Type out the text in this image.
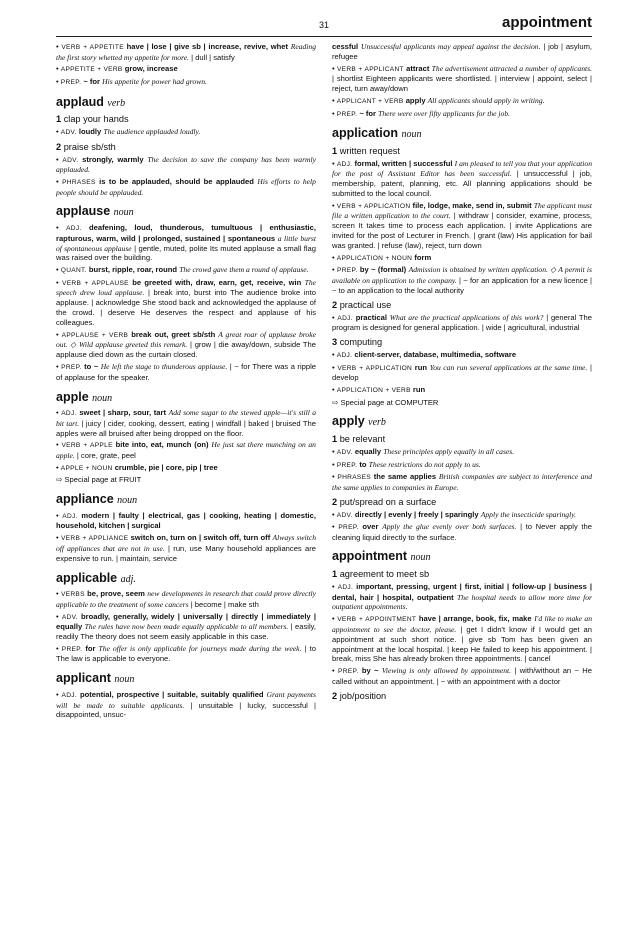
31	appointment
• VERB + APPETITE have | lose | give sb | increase, revive, whet Reading the first story whetted my appetite for more. | dull | satisfy
• APPETITE + VERB grow, increase
• PREP. ~ for His appetite for power had grown.
applaud verb
1 clap your hands
• ADV. loudly The audience applauded loudly.
2 praise sb/sth
• ADV. strongly, warmly The decision to save the company has been warmly applauded.
• PHRASES is to be applauded, should be applauded His efforts to help people should be applauded.
applause noun
• ADJ. deafening, loud, thunderous, tumultuous | enthusiastic, rapturous, warm, wild | prolonged, sustained | spontaneous a little burst of spontaneous applause | gentle, muted, polite Its muted applause a small flag was raised over the building.
• QUANT. burst, ripple, roar, round The crowd gave them a round of applause.
• VERB + APPLAUSE be greeted with, draw, earn, get, receive, win The speech drew loud applause. | break into, burst into The audience broke into applause. | acknowledge She stood back and acknowledged the applause of the crowd. | deserve He deserves the respect and applause of his colleagues.
• APPLAUSE + VERB break out, greet sb/sth A great roar of applause broke out. ◇ Wild applause greeted this remark. | grow | die away/down, subside The applause died down as the curtain closed.
• PREP. to ~ He left the stage to thunderous applause. | ~ for There was a ripple of applause for the speaker.
apple noun
• ADJ. sweet | sharp, sour, tart Add some sugar to the stewed apple—it's still a bit tart. | juicy | cider, cooking, dessert, eating | windfall | baked | bruised The apples were all bruised after being dropped on the floor.
• VERB + APPLE bite into, eat, munch (on) He just sat there munching on an apple. | core, grate, peel
• APPLE + NOUN crumble, pie | core, pip | tree
⇨ Special page at FRUIT
appliance noun
• ADJ. modern | faulty | electrical, gas | cooking, heating | domestic, household, kitchen | surgical
• VERB + APPLIANCE switch on, turn on | switch off, turn off Always switch off appliances that are not in use. | run, use Many household appliances are expensive to run. | maintain, service
applicable adj.
• VERBS be, prove, seem new developments in research that could prove directly applicable to the treatment of some cancers | become | make sth
• ADV. broadly, generally, widely | universally | directly | immediately | equally The rules have now been made equally applicable to all members. | easily, readily The theory does not seem easily applicable in this case.
• PREP. for The offer is only applicable for journeys made during the week. | to The law is applicable to everyone.
applicant noun
• ADJ. potential, prospective | suitable, suitably qualified Grant payments will be made to suitable applicants. | unsuitable | lucky, successful | disappointed, unsuc-
cessful Unsuccessful applicants may appeal against the decision. | job | asylum, refugee
• VERB + APPLICANT attract The advertisement attracted a number of applicants. | shortlist Eighteen applicants were shortlisted. | interview | appoint, select | reject, turn away/down
• APPLICANT + VERB apply All applicants should apply in writing.
• PREP. ~ for There were over fifty applicants for the job.
application noun
1 written request
• ADJ. formal, written | successful I am pleased to tell you that your application for the post of Assistant Editor has been successful. | unsuccessful | job, membership, patent, planning, etc. All planning applications should be submitted to the local council.
• VERB + APPLICATION file, lodge, make, send in, submit The applicant must file a written application to the court. | withdraw | consider, examine, process, screen It takes time to process each application. | invite Applications are invited for the post of Lecturer in French. | grant (law) His application for bail was granted. | refuse (law), reject, turn down
• APPLICATION + NOUN form
• PREP. by ~ (formal) Admission is obtained by written application. ◇ A permit is available on application to the company. | ~ for an application for a new licence | ~ to an application to the local authority
2 practical use
• ADJ. practical What are the practical applications of this work? | general The program is designed for general application. | wide | agricultural, industrial
3 computing
• ADJ. client-server, database, multimedia, software
• VERB + APPLICATION run You can run several applications at the same time. | develop
• APPLICATION + VERB run
⇨ Special page at COMPUTER
apply verb
1 be relevant
• ADV. equally These principles apply equally in all cases.
• PREP. to These restrictions do not apply to us.
• PHRASES the same applies British companies are subject to interference and the same applies to companies in Europe.
2 put/spread on a surface
• ADV. directly | evenly | freely | sparingly Apply the insecticide sparingly.
• PREP. over Apply the glue evenly over both surfaces. | to Never apply the cleaning liquid directly to the surface.
appointment noun
1 agreement to meet sb
• ADJ. important, pressing, urgent | first, initial | follow-up | business | dental, hair | hospital, outpatient The hospital needs to allow more time for outpatient appointments.
• VERB + APPOINTMENT have | arrange, book, fix, make I'd like to make an appointment to see the doctor, please. | get I didn't know if I would get an appointment at such short notice. | give sb Tom has been given an appointment at the local hospital. | keep He failed to keep his appointment. | break, miss She has already broken three appointments. | cancel
• PREP. by ~ Viewing is only allowed by appointment. | with/without an ~ He called without an appointment. | ~ with an appointment with a doctor
2 job/position
